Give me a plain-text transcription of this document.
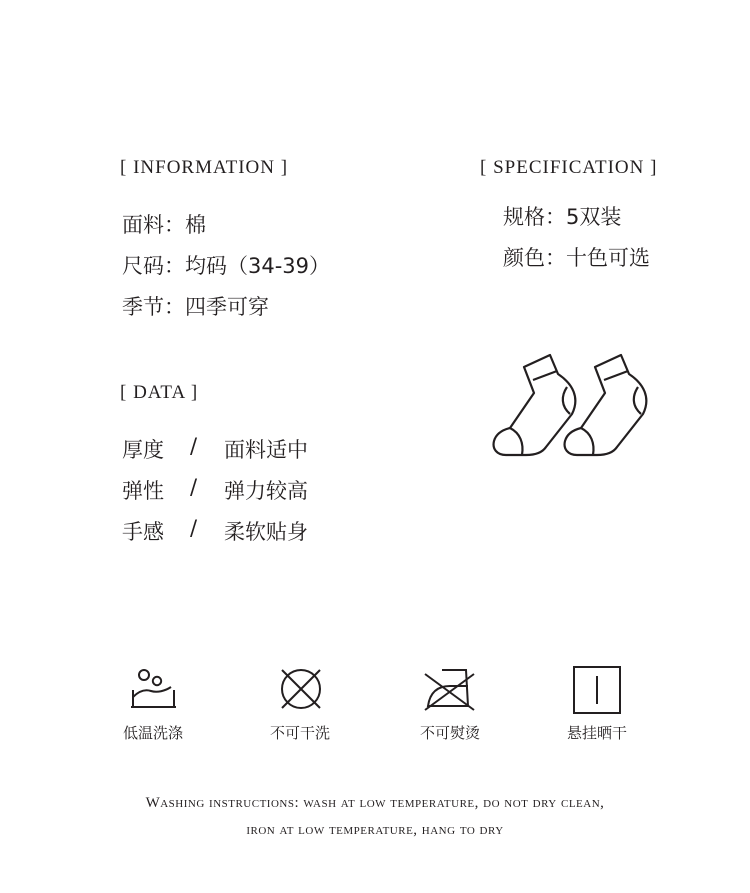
[ INFORMATION ]
面料：棉
尺码：均码（34-39）
季节：四季可穿
[ SPECIFICATION ]
规格：5双装
颜色：十色可选
[ DATA ]
厚度 / 面料适中
弹性 / 弹力较高
手感 / 柔软贴身
低温洗涤	不可干洗	不可熨烫	悬挂晒干
Washing instructions: wash at low temperature, do not dry clean,
iron at low temperature, hang to dry
